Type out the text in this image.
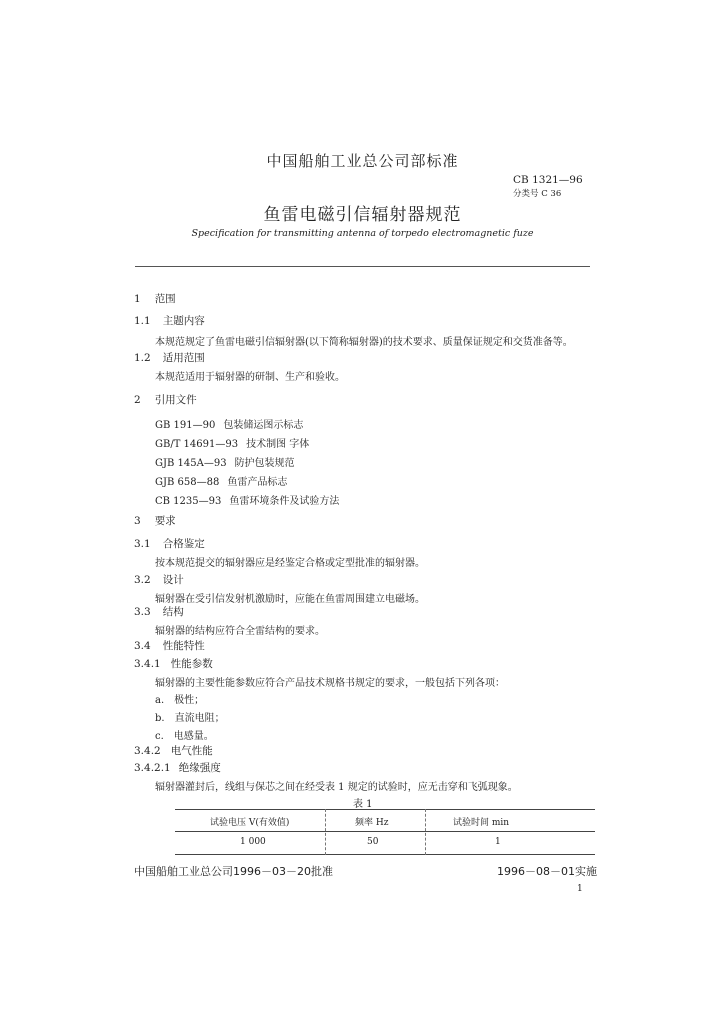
中国船舶工业总公司部标准
CB 1321—96
分类号 C 36
鱼雷电磁引信辐射器规范
Specification for transmitting antenna of torpedo electromagnetic fuze
1 范围
1.1 主题内容
本规范规定了鱼雷电磁引信辐射器(以下简称辐射器)的技术要求、质量保证规定和交货准备等。
1.2 适用范围
本规范适用于辐射器的研制、生产和验收。
2 引用文件
GB 191—90 包装储运图示标志
GB/T 14691—93 技术制图 字体
GJB 145A—93 防护包装规范
GJB 658—88 鱼雷产品标志
CB 1235—93 鱼雷环境条件及试验方法
3 要求
3.1 合格鉴定
按本规范提交的辐射器应是经鉴定合格或定型批准的辐射器。
3.2 设计
辐射器在受引信发射机激励时，应能在鱼雷周围建立电磁场。
3.3 结构
辐射器的结构应符合全雷结构的要求。
3.4 性能特性
3.4.1 性能参数
辐射器的主要性能参数应符合产品技术规格书规定的要求，一般包括下列各项：
a. 极性；
b. 直流电阻；
c. 电感量。
3.4.2 电气性能
3.4.2.1 绝缘强度
辐射器灌封后，线组与保芯之间在经受表 1 规定的试验时，应无击穿和飞弧现象。
表 1
试验电压 V(有效值)	频率 Hz	试验时间 min
1 000	50	1
中国船舶工业总公司1996－03－20批准	1996－08－01实施
1
